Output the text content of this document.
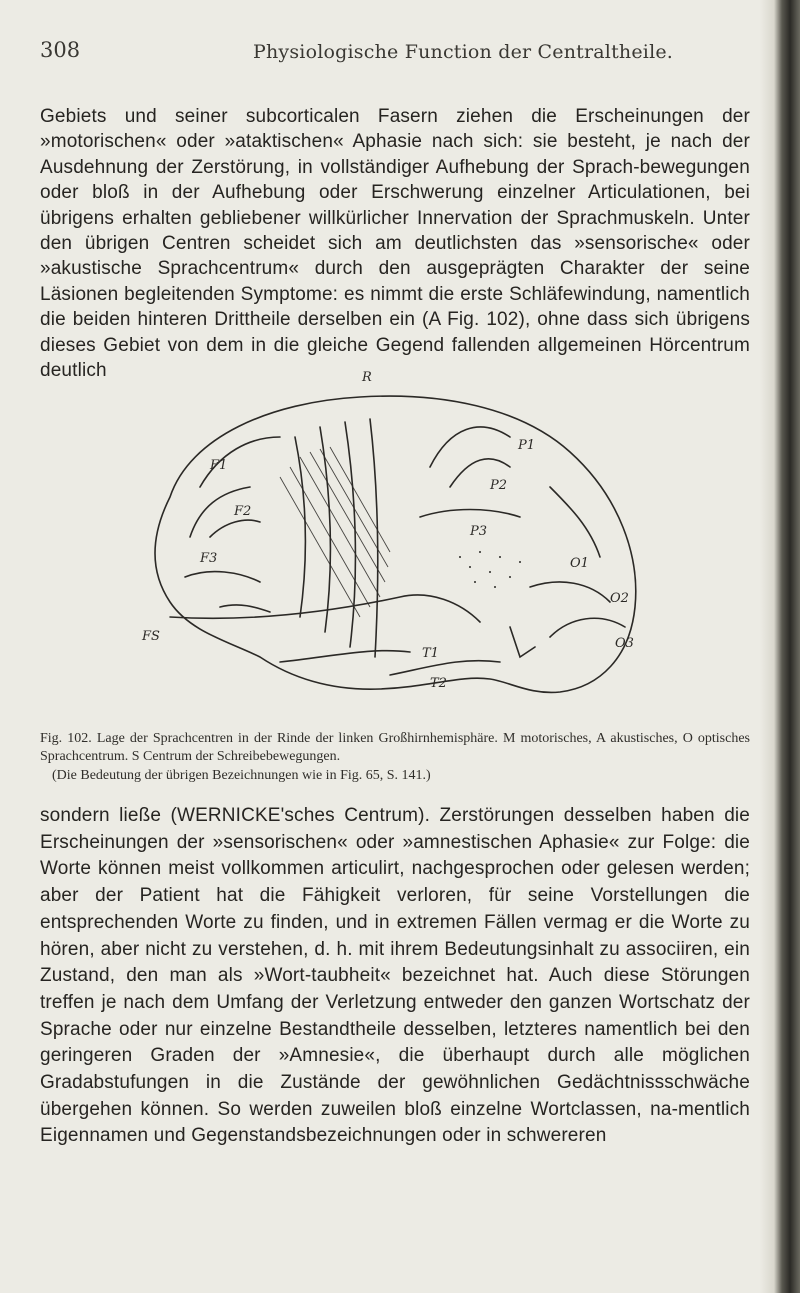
308	Physiologische Function der Centraltheile.

Gebiets und seiner subcorticalen Fasern ziehen die Erscheinungen der »motorischen« oder »ataktischen« Aphasie nach sich: sie besteht, je nach der Ausdehnung der Zerstörung, in vollständiger Aufhebung der Sprach-bewegungen oder bloß in der Aufhebung oder Erschwerung einzelner Articulationen, bei übrigens erhalten gebliebener willkürlicher Innervation der Sprachmuskeln. Unter den übrigen Centren scheidet sich am deutlichsten das »sensorische« oder »akustische Sprachcentrum« durch den ausgeprägten Charakter der seine Läsionen begleitenden Symptome: es nimmt die erste Schläfewindung, namentlich die beiden hinteren Drittheile derselben ein (A Fig. 102), ohne dass sich übrigens dieses Gebiet von dem in die gleiche Gegend fallenden allgemeinen Hörcentrum deutlich	R
F1
F2
F3
FS
P1
P2
P3
O1
O2
O3
T1
T2
Fig. 102. Lage der Sprachcentren in der Rinde der linken Großhirnhemisphäre. M motorisches, A akustisches, O optisches Sprachcentrum. S Centrum der Schreibebewegungen.
(Die Bedeutung der übrigen Bezeichnungen wie in Fig. 65, S. 141.)

sondern ließe (WERNICKE'sches Centrum). Zerstörungen desselben haben die Erscheinungen der »sensorischen« oder »amnestischen Aphasie« zur Folge: die Worte können meist vollkommen articulirt, nachgesprochen oder gelesen werden; aber der Patient hat die Fähigkeit verloren, für seine Vorstellungen die entsprechenden Worte zu finden, und in extremen Fällen vermag er die Worte zu hören, aber nicht zu verstehen, d. h. mit ihrem Bedeutungsinhalt zu associiren, ein Zustand, den man als »Wort-taubheit« bezeichnet hat. Auch diese Störungen treffen je nach dem Umfang der Verletzung entweder den ganzen Wortschatz der Sprache oder nur einzelne Bestandtheile desselben, letzteres namentlich bei den geringeren Graden der »Amnesie«, die überhaupt durch alle möglichen Gradabstufungen in die Zustände der gewöhnlichen Gedächtnissschwäche übergehen können. So werden zuweilen bloß einzelne Wortclassen, na-mentlich Eigennamen und Gegenstandsbezeichnungen oder in schwereren
